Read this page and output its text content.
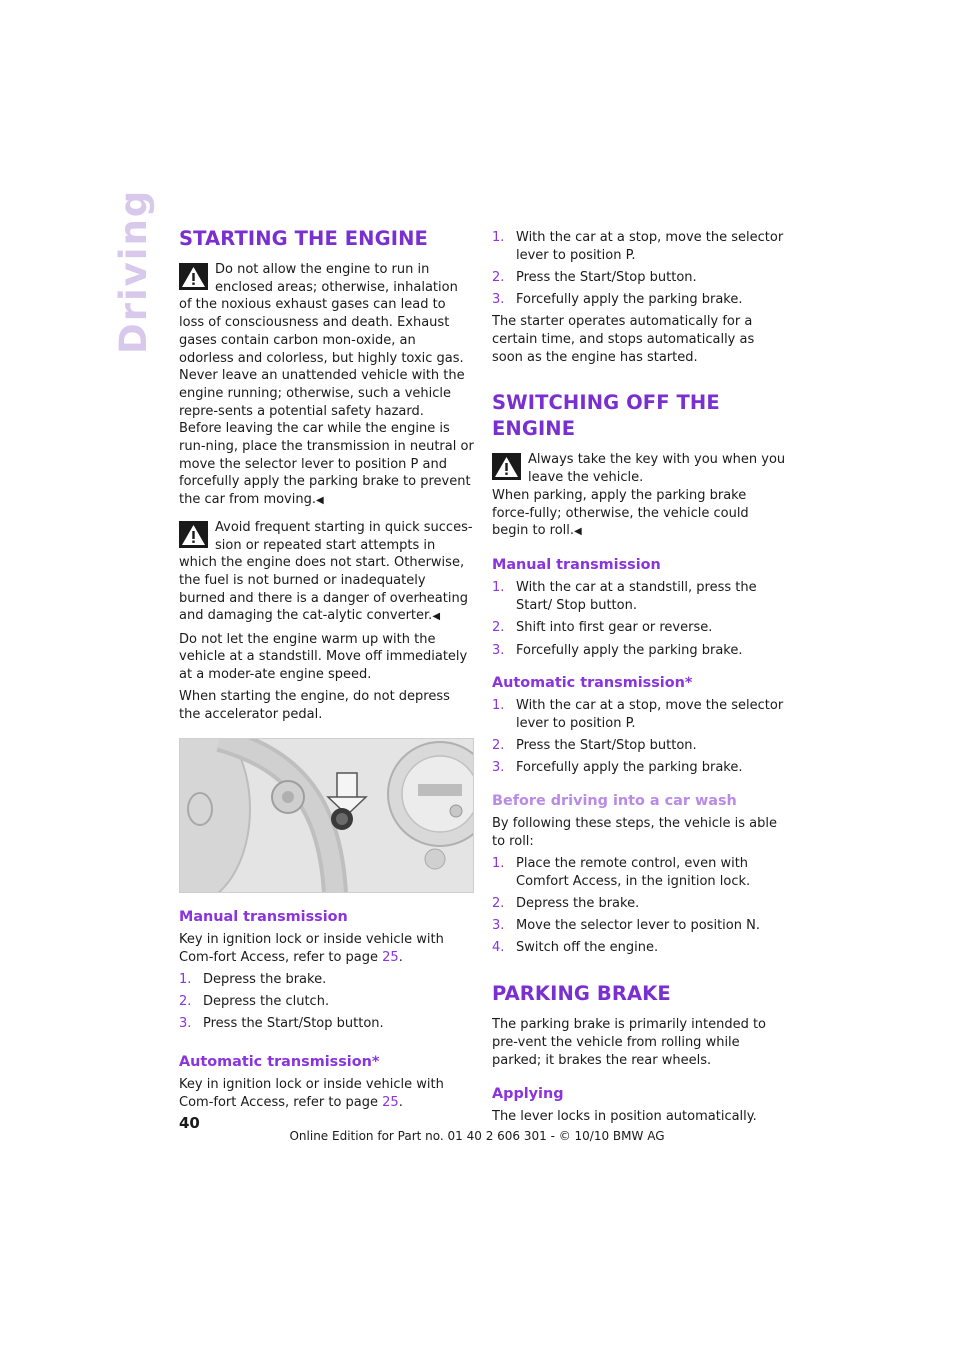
Driving STARTING THE ENGINE

Do not allow the engine to run in enclosed areas; otherwise, inhalation of the noxious exhaust gases can lead to loss of consciousness and death. Exhaust gases contain carbon mon-oxide, an odorless and colorless, but highly toxic gas. Never leave an unattended vehicle with the engine running; otherwise, such a vehicle repre-sents a potential safety hazard.

Before leaving the car while the engine is run-ning, place the transmission in neutral or move the selector lever to position P and forcefully apply the parking brake to prevent the car from moving.◀

Avoid frequent starting in quick succes-sion or repeated start attempts in which the engine does not start. Otherwise, the fuel is not burned or inadequately burned and there is a danger of overheating and damaging the cat-alytic converter.◀

Do not let the engine warm up with the vehicle at a standstill. Move off immediately at a moder-ate engine speed.

When starting the engine, do not depress the accelerator pedal.

Manual transmission

Key in ignition lock or inside vehicle with Com-fort Access, refer to page 25.

1. Depress the brake.
2. Depress the clutch.
3. Press the Start/Stop button.
Automatic transmission*

Key in ignition lock or inside vehicle with Com-fort Access, refer to page 25.

1. With the car at a stop, move the selector lever to position P.
2. Press the Start/Stop button.
3. Forcefully apply the parking brake.

The starter operates automatically for a certain time, and stops automatically as soon as the engine has started.

SWITCHING OFF THE ENGINE

Always take the key with you when you leave the vehicle.

When parking, apply the parking brake force-fully; otherwise, the vehicle could begin to roll.◀

Manual transmission
1. With the car at a standstill, press the Start/ Stop button.
2. Shift into first gear or reverse.
3. Forcefully apply the parking brake.
Automatic transmission*
1. With the car at a stop, move the selector lever to position P.
2. Press the Start/Stop button.
3. Forcefully apply the parking brake.
Before driving into a car wash

By following these steps, the vehicle is able to roll:

1. Place the remote control, even with Comfort Access, in the ignition lock.
2. Depress the brake.
3. Move the selector lever to position N.
4. Switch off the engine.
PARKING BRAKE

The parking brake is primarily intended to pre-vent the vehicle from rolling while parked; it brakes the rear wheels.

Applying

The lever locks in position automatically.

40
Online Edition for Part no. 01 40 2 606 301 - © 10/10 BMW AG
